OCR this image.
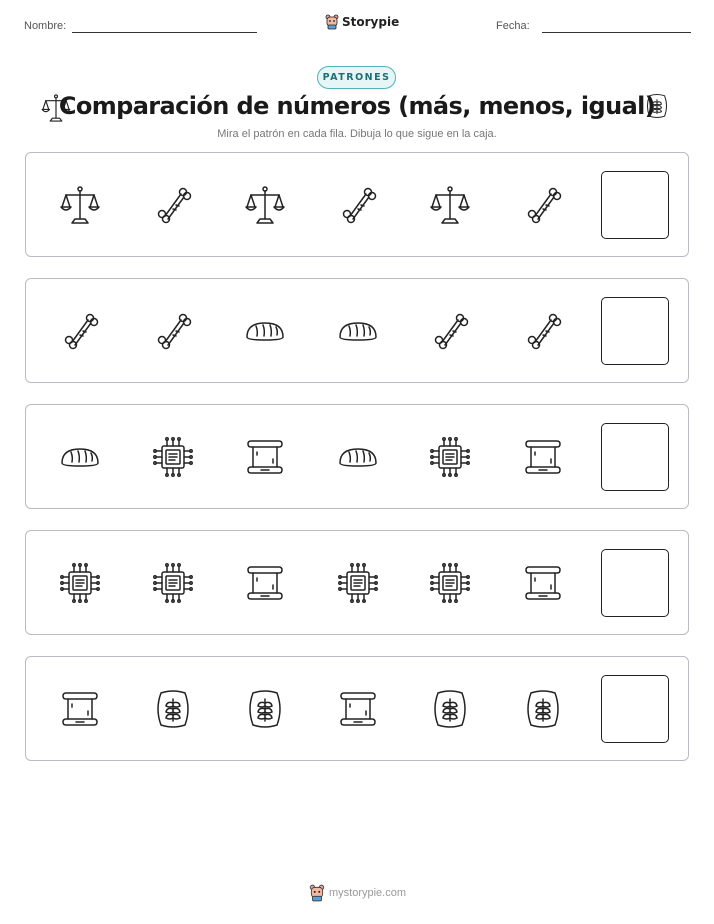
Nombre:	Storypie	Fecha:
PATRONES
Comparación de números (más, menos, igual)
Mira el patrón en cada fila. Dibuja lo que sigue en la caja.
mystorypie.com
